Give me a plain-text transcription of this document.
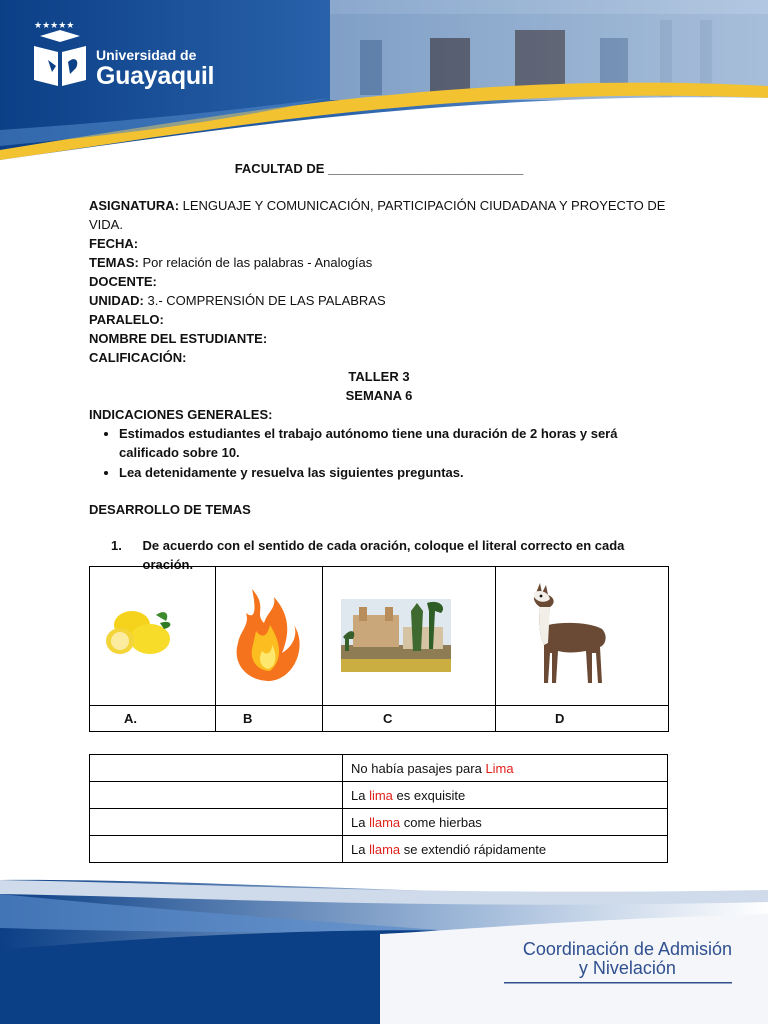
★★★★★
Universidad de
Guayaquil

FACULTAD DE ___________________________

ASIGNATURA: LENGUAJE Y COMUNICACIÓN, PARTICIPACIÓN CIUDADANA Y PROYECTO DE VIDA.

FECHA:

TEMAS: Por relación de las palabras - Analogías

DOCENTE:

UNIDAD: 3.- COMPRENSIÓN DE LAS PALABRAS

PARALELO:

NOMBRE DEL ESTUDIANTE:

CALIFICACIÓN:

TALLER 3

SEMANA 6

INDICACIONES GENERALES:

• Estimados estudiantes el trabajo autónomo tiene una duración de 2 horas y será calificado sobre 10.
• Lea detenidamente y resuelva las siguientes preguntas.

DESARROLLO DE TEMAS

1.	De acuerdo con el sentido de cada oración, coloque el literal correcto en cada oración.

A.	B	C	D
	No había pasajes para Lima
	La lima es exquisite
	La llama come hierbas
	La llama se extendió rápidamente
Coordinación de Admisión
y Nivelación
